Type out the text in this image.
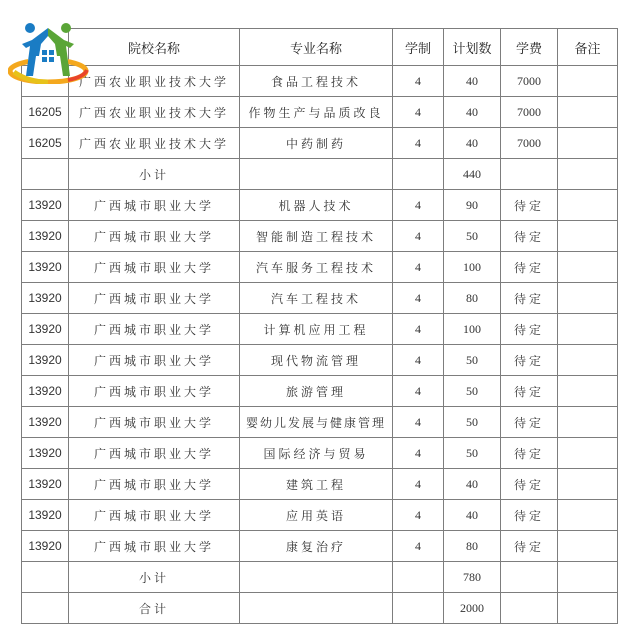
	院校名称	专业名称	学制	计划数	学费	备注
	广西农业职业技术大学	食品工程技术	4	40	7000	
16205	广西农业职业技术大学	作物生产与品质改良	4	40	7000	
16205	广西农业职业技术大学	中药制药	4	40	7000	
	小计			440		
13920	广西城市职业大学	机器人技术	4	90	待定	
13920	广西城市职业大学	智能制造工程技术	4	50	待定	
13920	广西城市职业大学	汽车服务工程技术	4	100	待定	
13920	广西城市职业大学	汽车工程技术	4	80	待定	
13920	广西城市职业大学	计算机应用工程	4	100	待定	
13920	广西城市职业大学	现代物流管理	4	50	待定	
13920	广西城市职业大学	旅游管理	4	50	待定	
13920	广西城市职业大学	婴幼儿发展与健康管理	4	50	待定	
13920	广西城市职业大学	国际经济与贸易	4	50	待定	
13920	广西城市职业大学	建筑工程	4	40	待定	
13920	广西城市职业大学	应用英语	4	40	待定	
13920	广西城市职业大学	康复治疗	4	80	待定	
	小计			780		
	合计			2000		
